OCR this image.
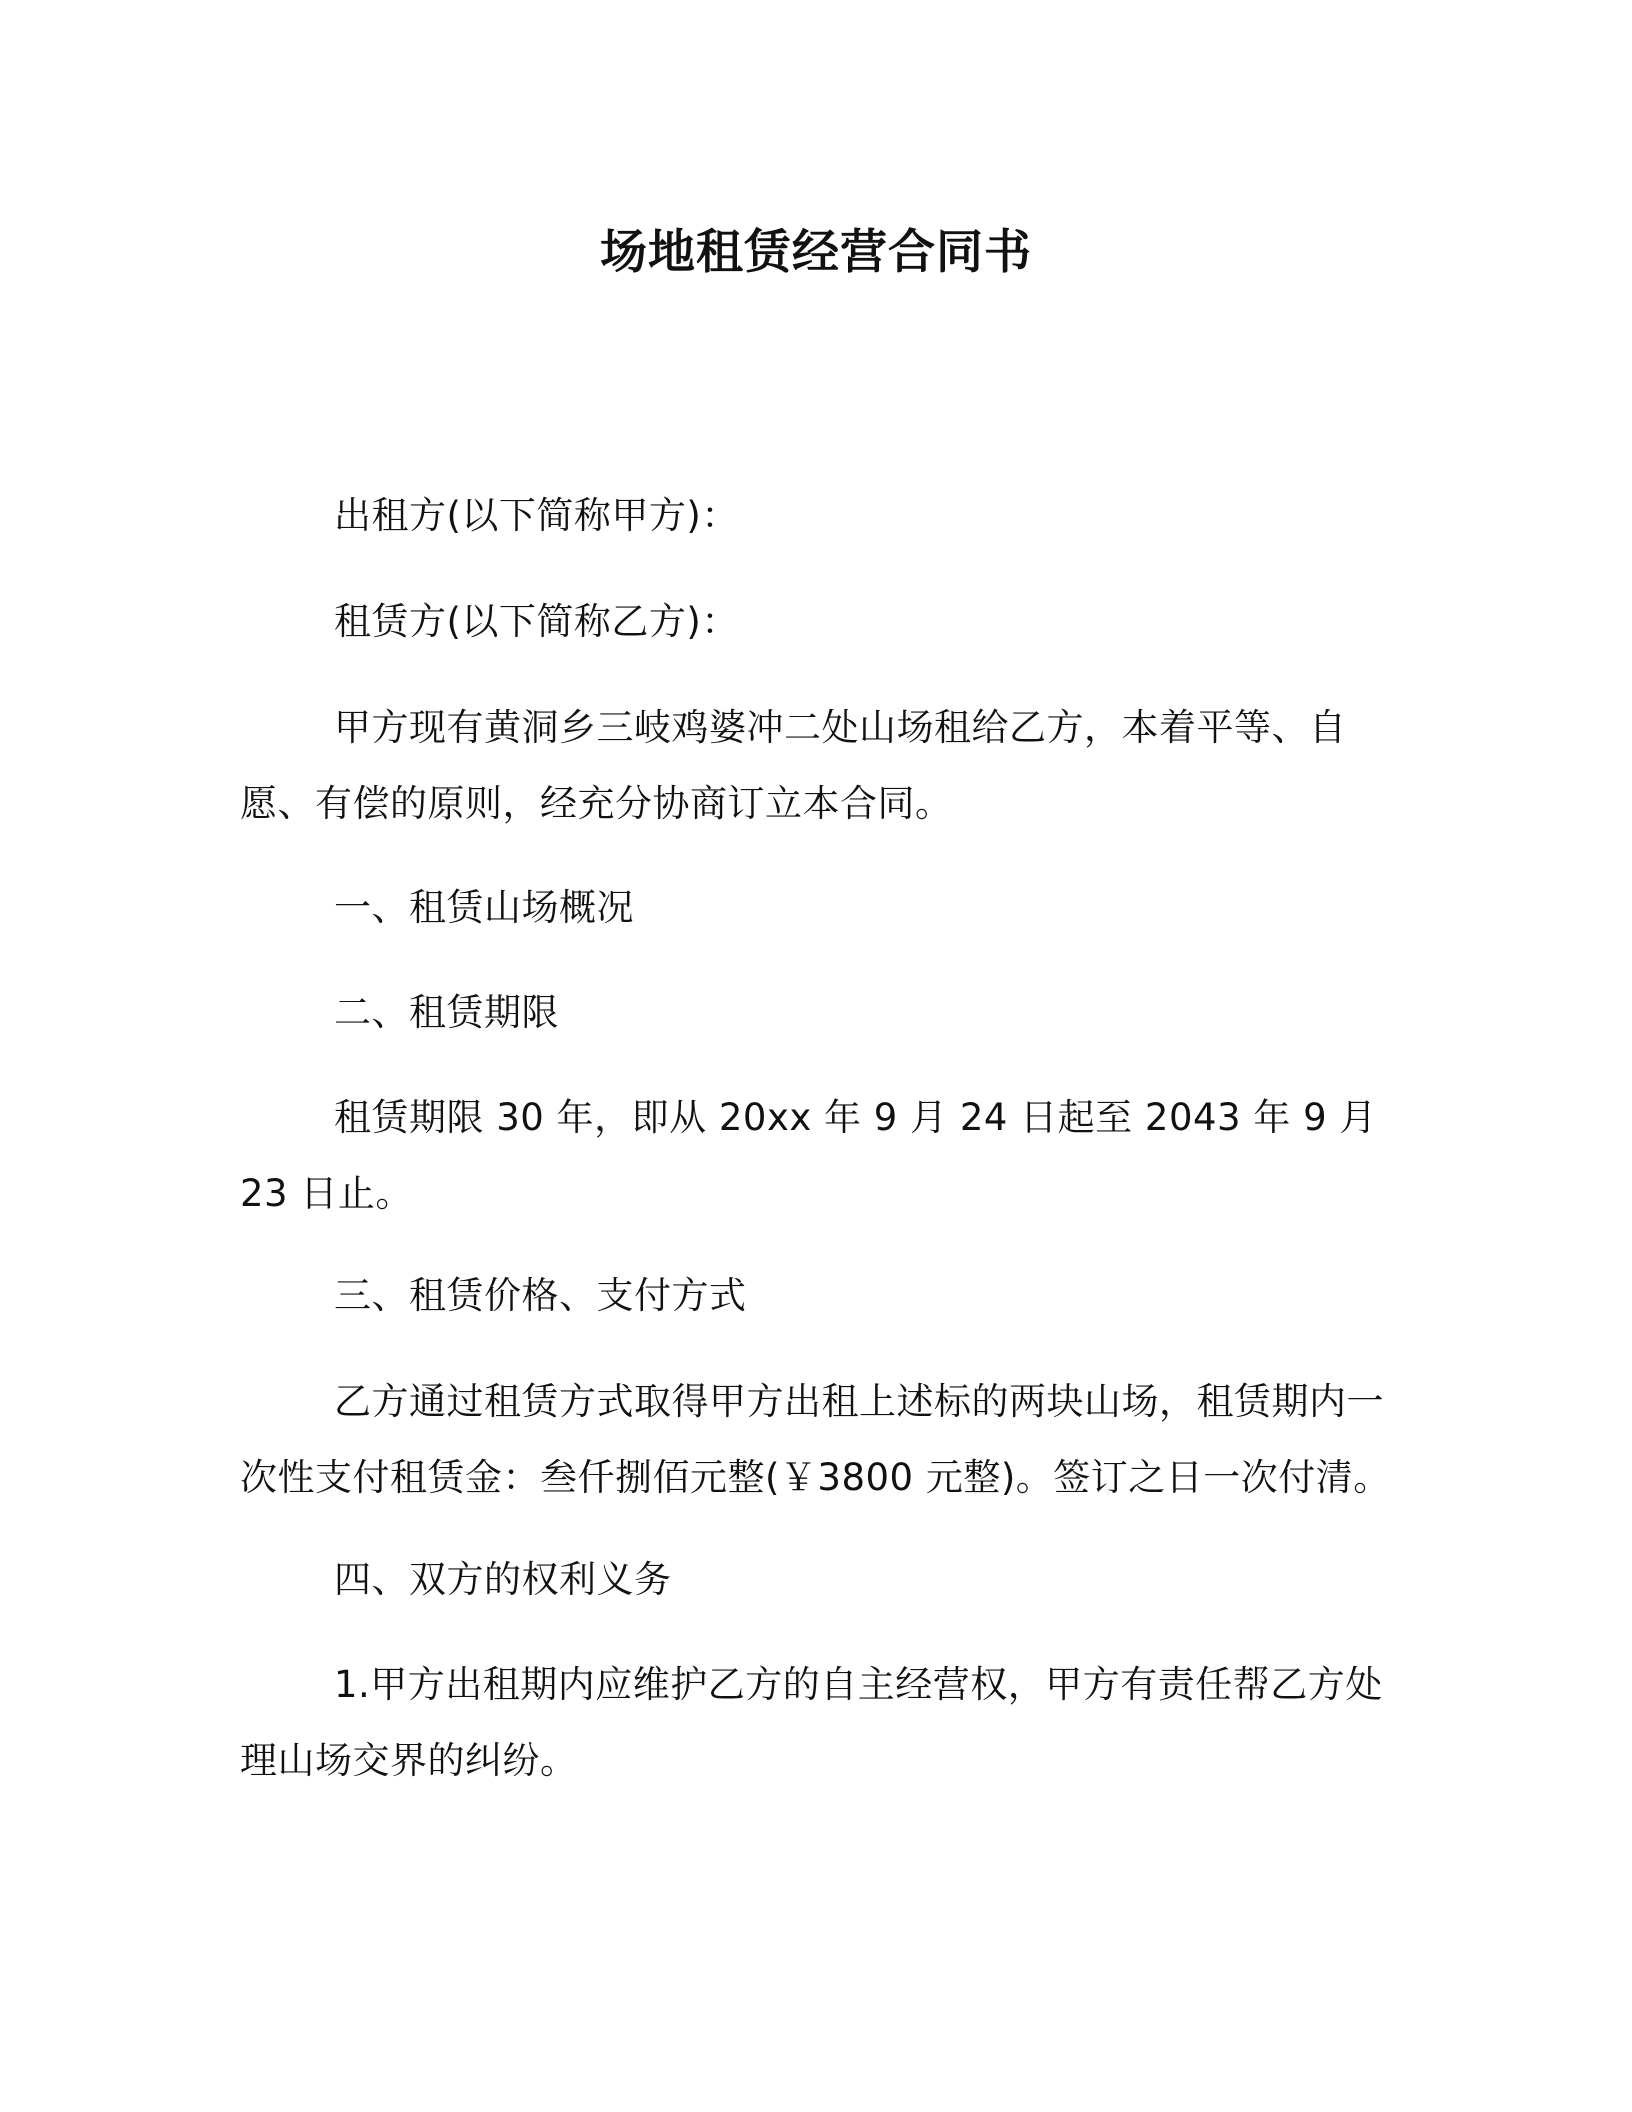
场地租赁经营合同书

出租方(以下简称甲方)：

租赁方(以下简称乙方)：

甲方现有黄洞乡三岐鸡婆冲二处山场租给乙方，本着平等、自愿、有偿的原则，经充分协商订立本合同。

一、租赁山场概况

二、租赁期限

租赁期限 30 年，即从 20xx 年 9 月 24 日起至 2043 年 9 月 23 日止。

三、租赁价格、支付方式

乙方通过租赁方式取得甲方出租上述标的两块山场，租赁期内一次性支付租赁金：叁仟捌佰元整(￥3800 元整)。签订之日一次付清。

四、双方的权利义务

1.甲方出租期内应维护乙方的自主经营权，甲方有责任帮乙方处理山场交界的纠纷。
